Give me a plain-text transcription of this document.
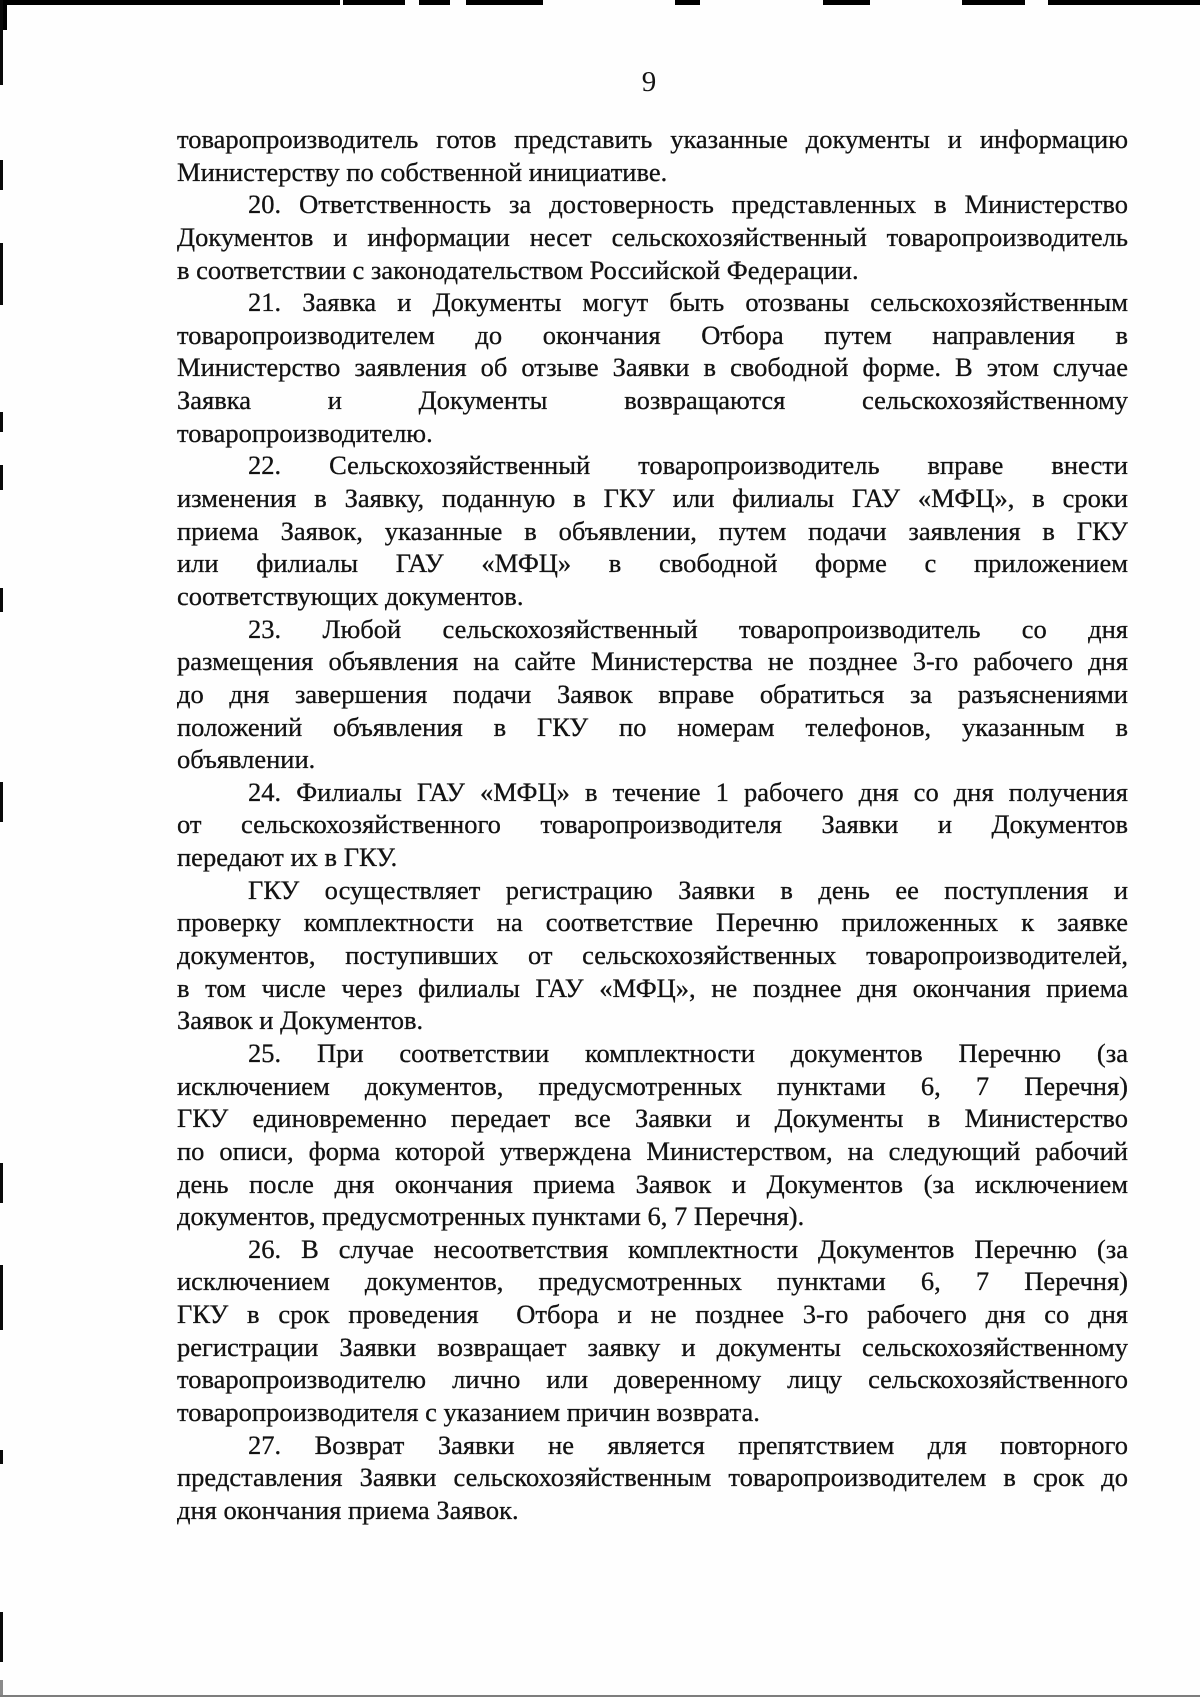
9
товаропроизводитель готов представить указанные документы и информацию
Министерству по собственной инициативе.
20. Ответственность за достоверность представленных в Министерство
Документов и информации несет сельскохозяйственный товаропроизводитель
в соответствии с законодательством Российской Федерации.
21. Заявка и Документы могут быть отозваны сельскохозяйственным
товаропроизводителем до окончания Отбора путем направления в
Министерство заявления об отзыве Заявки в свободной форме. В этом случае
Заявка и Документы возвращаются сельскохозяйственному
товаропроизводителю.
22. Сельскохозяйственный товаропроизводитель вправе внести
изменения в Заявку, поданную в ГКУ или филиалы ГАУ «МФЦ», в сроки
приема Заявок, указанные в объявлении, путем подачи заявления в ГКУ
или филиалы ГАУ «МФЦ» в свободной форме с приложением
соответствующих документов.
23. Любой сельскохозяйственный товаропроизводитель со дня
размещения объявления на сайте Министерства не позднее 3-го рабочего дня
до дня завершения подачи Заявок вправе обратиться за разъяснениями
положений объявления в ГКУ по номерам телефонов, указанным в
объявлении.
24. Филиалы ГАУ «МФЦ» в течение 1 рабочего дня со дня получения
от сельскохозяйственного товаропроизводителя Заявки и Документов
передают их в ГКУ.
ГКУ осуществляет регистрацию Заявки в день ее поступления и
проверку комплектности на соответствие Перечню приложенных к заявке
документов, поступивших от сельскохозяйственных товаропроизводителей,
в том числе через филиалы ГАУ «МФЦ», не позднее дня окончания приема
Заявок и Документов.
25. При соответствии комплектности документов Перечню (за
исключением документов, предусмотренных пунктами 6, 7 Перечня)
ГКУ единовременно передает все Заявки и Документы в Министерство
по описи, форма которой утверждена Министерством, на следующий рабочий
день после дня окончания приема Заявок и Документов (за исключением
документов, предусмотренных пунктами 6, 7 Перечня).
26. В случае несоответствия комплектности Документов Перечню (за
исключением документов, предусмотренных пунктами 6, 7 Перечня)
ГКУ в срок проведения  Отбора и не позднее 3-го рабочего дня со дня
регистрации Заявки возвращает заявку и документы сельскохозяйственному
товаропроизводителю лично или доверенному лицу сельскохозяйственного
товаропроизводителя с указанием причин возврата.
27. Возврат Заявки не является препятствием для повторного
представления Заявки сельскохозяйственным товаропроизводителем в срок до
дня окончания приема Заявок.
